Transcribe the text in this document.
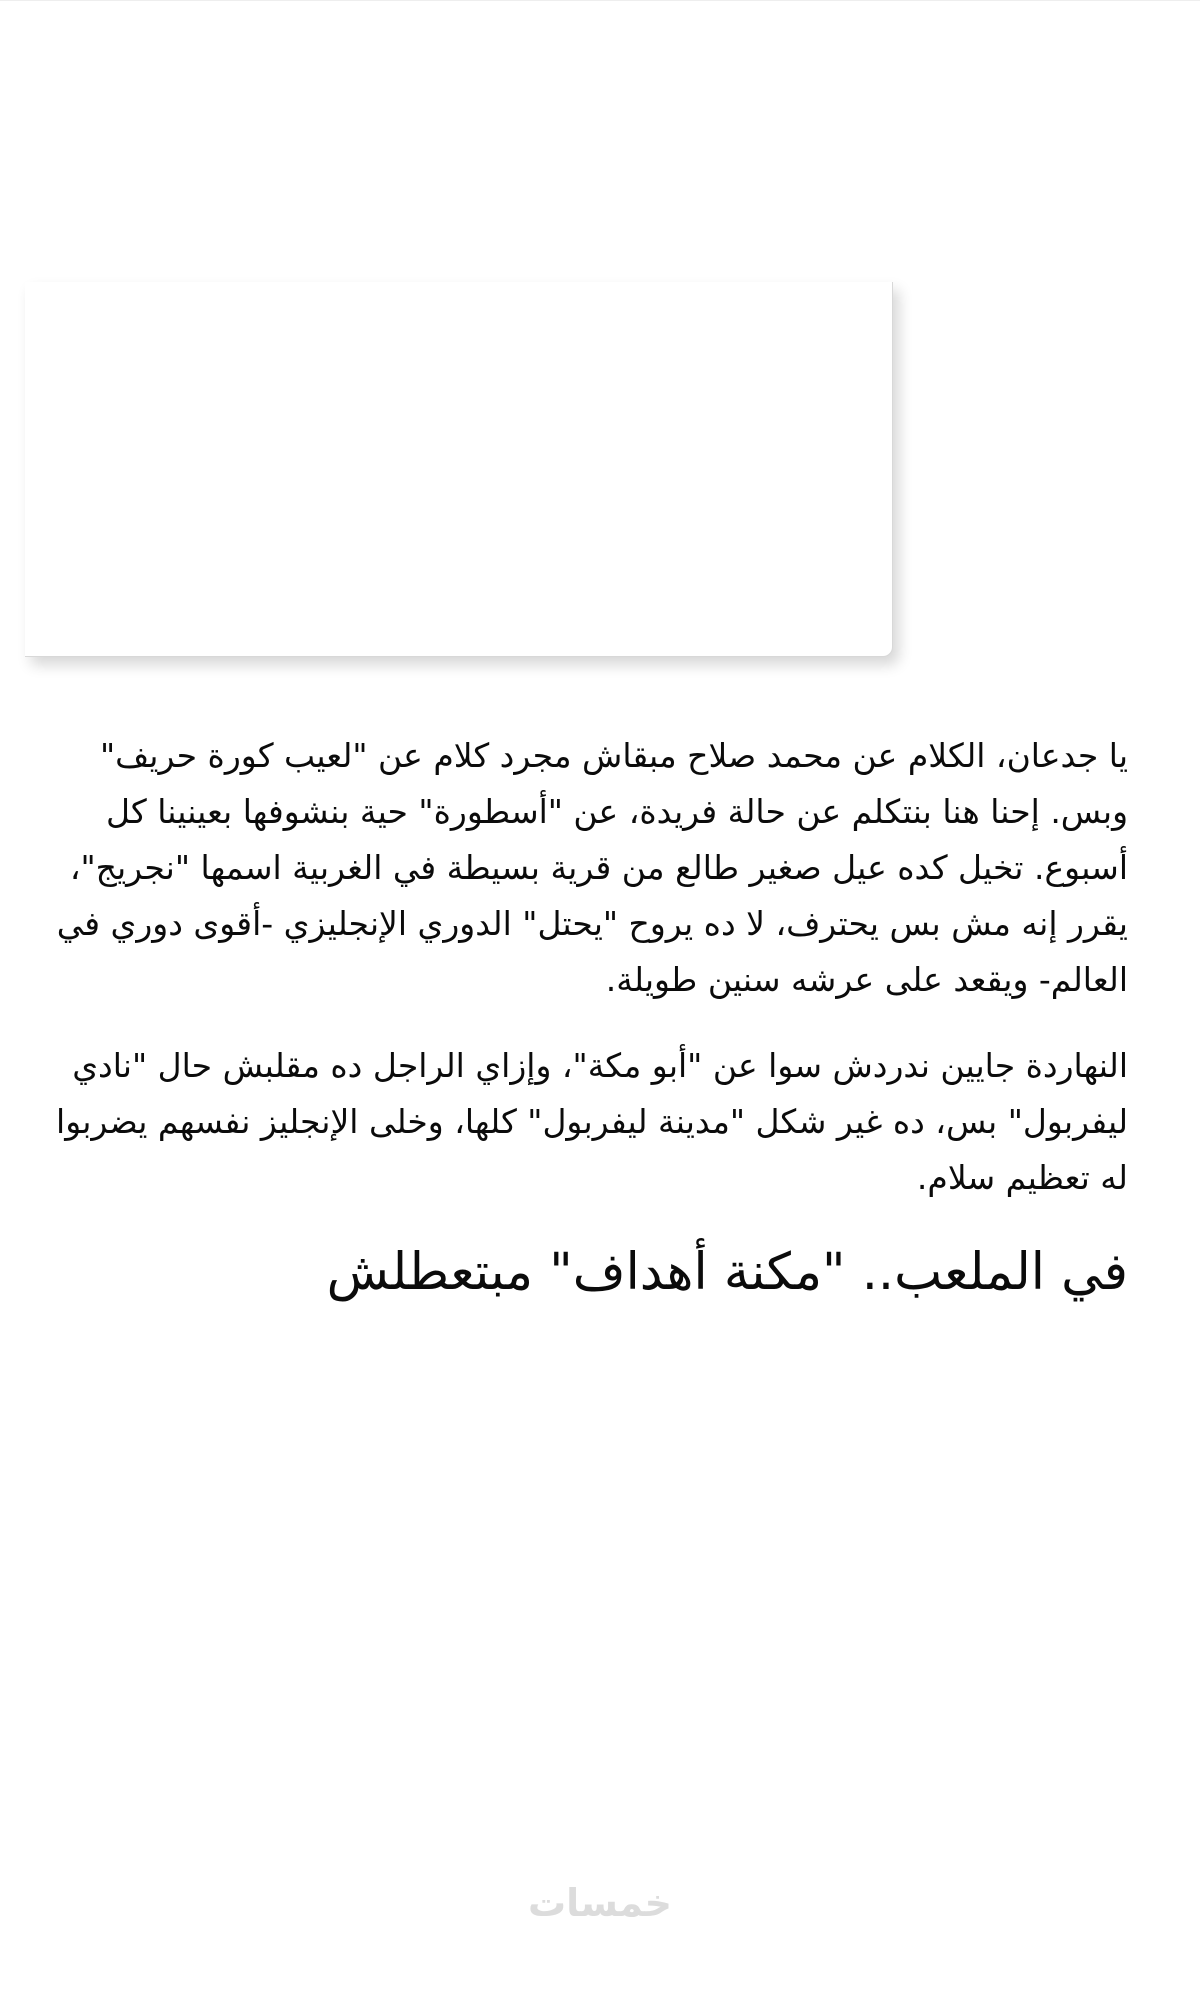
يا جدعان، الكلام عن محمد صلاح مبقاش مجرد كلام عن "لعيب كورة حريف" وبس. إحنا هنا بنتكلم عن حالة فريدة، عن "أسطورة" حية بنشوفها بعينينا كل أسبوع. تخيل كده عيل صغير طالع من قرية بسيطة في الغربية اسمها "نجريج"، يقرر إنه مش بس يحترف، لا ده يروح "يحتل" الدوري الإنجليزي -أقوى دوري في العالم- ويقعد على عرشه سنين طويلة.

النهاردة جايين ندردش سوا عن "أبو مكة"، وإزاي الراجل ده مقلبش حال "نادي ليفربول" بس، ده غير شكل "مدينة ليفربول" كلها، وخلى الإنجليز نفسهم يضربوا له تعظيم سلام.

في الملعب.. "مكنة أهداف" مبتعطلش
خمسات
